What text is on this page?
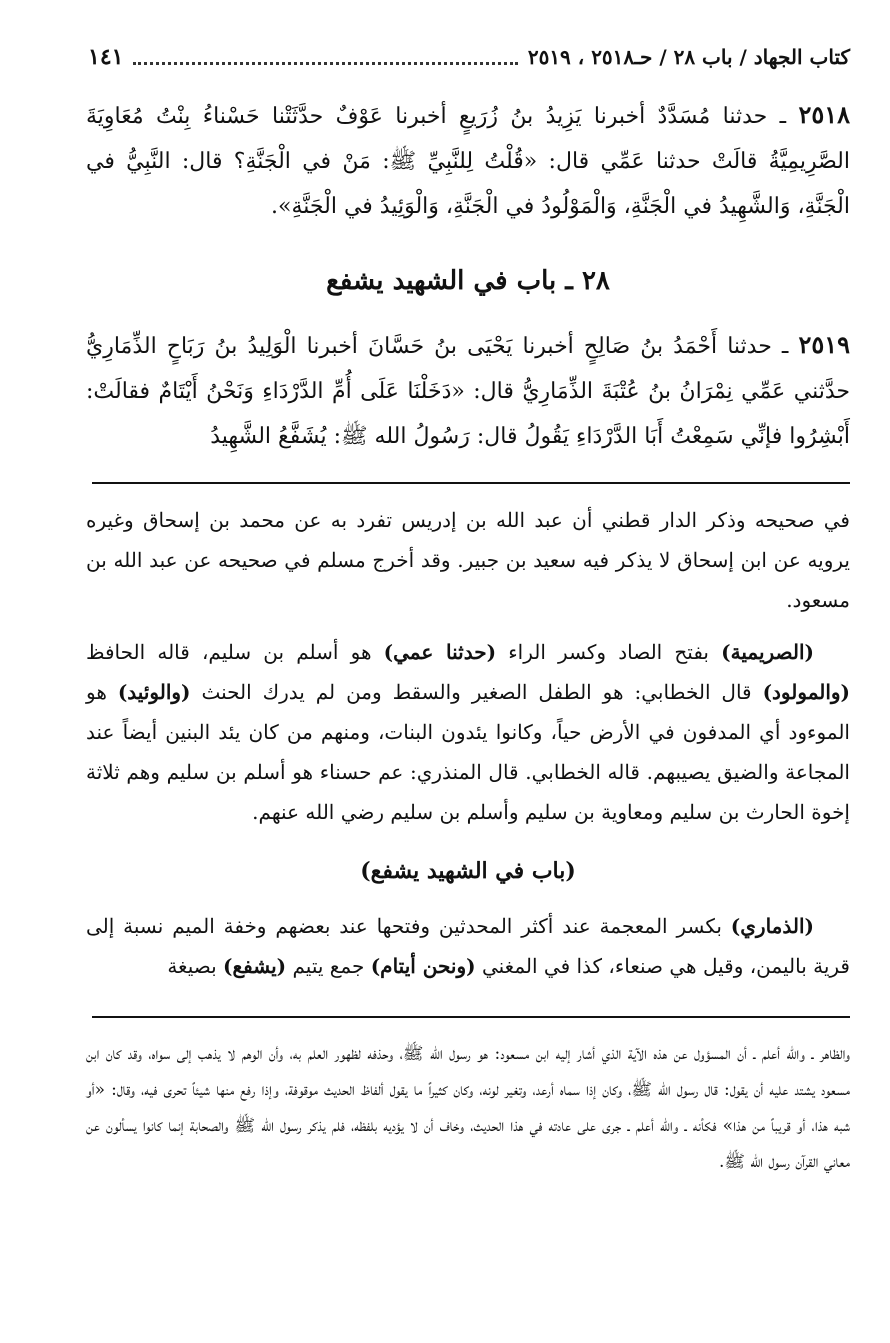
كتاب الجهاد / باب ٢٨ / حـ٢٥١٨ ، ٢٥١٩
١٤١
٢٥١٨ ـ حدثنا مُسَدَّدٌ أخبرنا يَزِيدُ بنُ زُرَيعٍ أخبرنا عَوْفٌ حدَّثَتْنا حَسْناءُ بِنْتُ مُعَاوِيَةَ الصَّرِيمِيَّةُ قالَتْ حدثنا عَمِّي قال: «قُلْتُ لِلنَّبِيِّ ﷺ: مَنْ في الْجَنَّةِ؟ قال: النَّبِيُّ في الْجَنَّةِ، وَالشَّهِيدُ في الْجَنَّةِ، وَالْمَوْلُودُ في الْجَنَّةِ، وَالْوَئِيدُ في الْجَنَّةِ».
٢٨ ـ باب في الشهيد يشفع
٢٥١٩ ـ حدثنا أَحْمَدُ بنُ صَالِحٍ أخبرنا يَحْيَى بنُ حَسَّانَ أخبرنا الْوَلِيدُ بنُ رَبَاحٍ الذِّمَارِيُّ حدَّثني عَمِّي نِمْرَانُ بنُ عُتْبَةَ الذِّمَارِيُّ قال: «دَخَلْنَا عَلَى أُمِّ الدَّرْدَاءِ وَنَحْنُ أَيْتَامٌ فقالَتْ: أَبْشِرُوا فإنِّي سَمِعْتُ أَبَا الدَّرْدَاءِ يَقُولُ قال: رَسُولُ الله ﷺ: يُشَفَّعُ الشَّهِيدُ

في صحيحه وذكر الدار قطني أن عبد الله بن إدريس تفرد به عن محمد بن إسحاق وغيره يرويه عن ابن إسحاق لا يذكر فيه سعيد بن جبير. وقد أخرج مسلم في صحيحه عن عبد الله بن مسعود.

(الصريمية) بفتح الصاد وكسر الراء (حدثنا عمي) هو أسلم بن سليم، قاله الحافظ (والمولود) قال الخطابي: هو الطفل الصغير والسقط ومن لم يدرك الحنث (والوئيد) هو الموءود أي المدفون في الأرض حياً، وكانوا يئدون البنات، ومنهم من كان يئد البنين أيضاً عند المجاعة والضيق يصيبهم. قاله الخطابي. قال المنذري: عم حسناء هو أسلم بن سليم وهم ثلاثة إخوة الحارث بن سليم ومعاوية بن سليم وأسلم بن سليم رضي الله عنهم.

(باب في الشهيد يشفع)

(الذماري) بكسر المعجمة عند أكثر المحدثين وفتحها عند بعضهم وخفة الميم نسبة إلى قرية باليمن، وقيل هي صنعاء، كذا في المغني (ونحن أيتام) جمع يتيم (يشفع) بصيغة

والظاهر ـ والله أعلم ـ أن المسؤول عن هذه الآية الذي أشار إليه ابن مسعود: هو رسول الله ﷺ، وحذفه لظهور العلم به، وأن الوهم لا يذهب إلى سواه، وقد كان ابن مسعود يشتد عليه أن يقول: قال رسول الله ﷺ، وكان إذا سماه أرعد، وتغير لونه، وكان كثيراً ما يقول ألفاظ الحديث موقوفة، وإذا رفع منها شيئاً تحرى فيه، وقال: «أو شبه هذا، أو قريباً من هذا» فكأنه ـ والله أعلم ـ جرى على عادته في هذا الحديث، وخاف أن لا يؤديه بلفظه، فلم يذكر رسول الله ﷺ والصحابة إنما كانوا يسألون عن معاني القرآن رسول الله ﷺ.
